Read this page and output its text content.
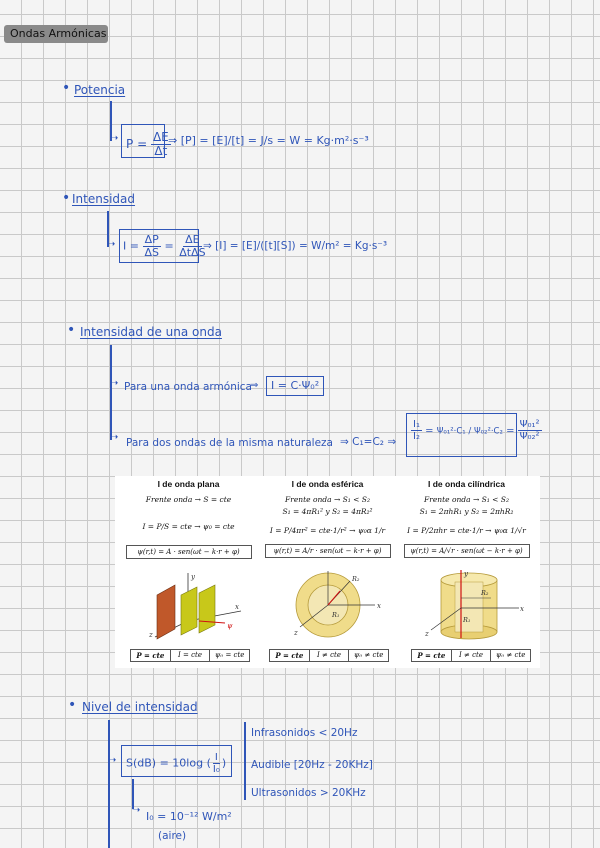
Ondas Armónicas
• Potencia
➝ $P = \frac{\Delta E}{\Delta t}$
⇒ [P] = [E]/[t] = J/s = W = Kg·m²·s⁻³
• Intensidad
➝ $I = \frac{\Delta P}{\Delta S} = \frac{\Delta E}{\text{ΔtΔS}}$
⇒ [I] = [E]/([t][S]) = W/m² = Kg·s⁻³
• Intensidad de una onda
➝ Para una onda armónica
⇒ I = C·Ψ₀²
➝ Para dos ondas de la misma naturaleza ⇒ C₁=C₂ ⇒ $\frac{\text{I₁}}{\text{I₂}} = \Psi_{01}^2\cdot C_1 / \Psi_{02}^2\cdot C_2 = \frac{\text{Ψ₀₁²}}{\text{Ψ₀₂²}}$
I de onda plana
Frente onda → S = cte
I = P/S = cte → ψ₀ = cte
ψ(r,t) = A · sen(ωt − k·r + φ)
y
x
z
ψ
P = cte	I = cte	ψ₀ = cte
I de onda esférica
Frente onda → S₁ < S₂
S₁ = 4πR₁² y S₂ = 4πR₂²
I = P/4πr² = cte·1/r² → ψ₀α 1/r
ψ(r,t) = A/r · sen(ωt − k·r + φ)
R₂
R₁
x
z
P = cte	I ≠ cte	ψ₀ ≠ cte
I de onda cilíndrica
Frente onda → S₁ < S₂
S₁ = 2πhR₁ y S₂ = 2πhR₂
I = P/2πhr = cte·1/r → ψ₀α 1/√r
ψ(r,t) = A/√r · sen(ωt − k·r + φ)
R₂
R₁
y
x
z
P = cte	I ≠ cte	ψ₀ ≠ cte
• Nivel de intensidad
➝ S(dB) = 10log ( $\frac{I}{\text{I₀}}$ )
Infrasonidos < 20Hz
Audible [20Hz - 20KHz]
Ultrasonidos > 20KHz
➝ I₀ = 10⁻¹² W/m²
(aire)
